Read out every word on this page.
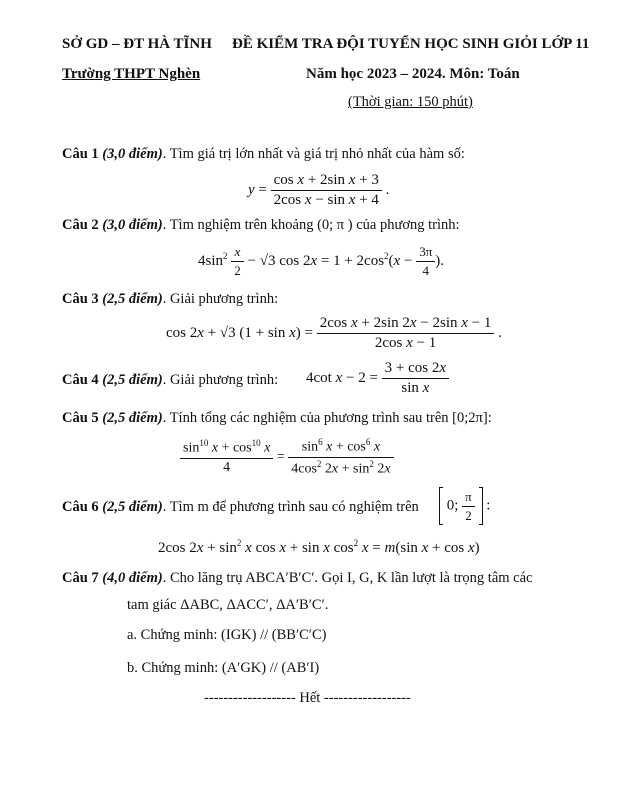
SỞ GD – ĐT HÀ TĨNH ĐỀ KIỂM TRA ĐỘI TUYỂN HỌC SINH GIỎI LỚP 11
Trường THPT Nghèn	Năm học 2023 – 2024. Môn: Toán
(Thời gian: 150 phút)
Câu 1 (3,0 điểm). Tìm giá trị lớn nhất và giá trị nhỏ nhất của hàm số:
$y = \frac{\text{cos x + 2sin x + 3}}{\text{2cos x − sin x + 4}}$ .
Câu 2 (3,0 điểm). Tìm nghiệm trên khoảng (0; π ) của phương trình:
$4\sin^2 \frac{x}{2} - √3$ $\cos 2x = 1 + 2\cos^2(x - \frac{3\pi}{4}$ ).
Câu 3 (2,5 điểm). Giải phương trình:
cos 2x + √3 $(1 + \sin x) = \frac{\text{2cos x + 2sin 2x − 2sin x − 1}}{\text{2cos x − 1}}$ .
Câu 4 (2,5 điểm). Giải phương trình: 4cot $x - 2 = \frac{3 + \cos 2x}{\text{sin x}}$
Câu 5 (2,5 điểm). Tính tổng các nghiệm của phương trình sau trên [0;2π]:
$\frac{\sin^{10} x + \cos^{10} x}{4} = \frac{\sin^6 x + \cos^6 x}{4\cos^2 2x + \sin^2 2x}$
Câu 6 (2,5 điểm). Tìm m để phương trình sau có nghiệm trên 0; $\frac{\pi}{2}$ :
2cos $2x + \sin^2 x$ cos x + sin x $\cos^2 x = m(\sin$ x + cos x)
Câu 7 (4,0 điểm). Cho lăng trụ ABCA′B′C′. Gọi I, G, K lần lượt là trọng tâm các
tam giác ΔABC, ΔACC′, ΔA′B′C′.
a. Chứng minh: (IGK) // (BB′C′C)
b. Chứng minh: (A′GK) // (AB′I)
------------------- Hết ------------------
